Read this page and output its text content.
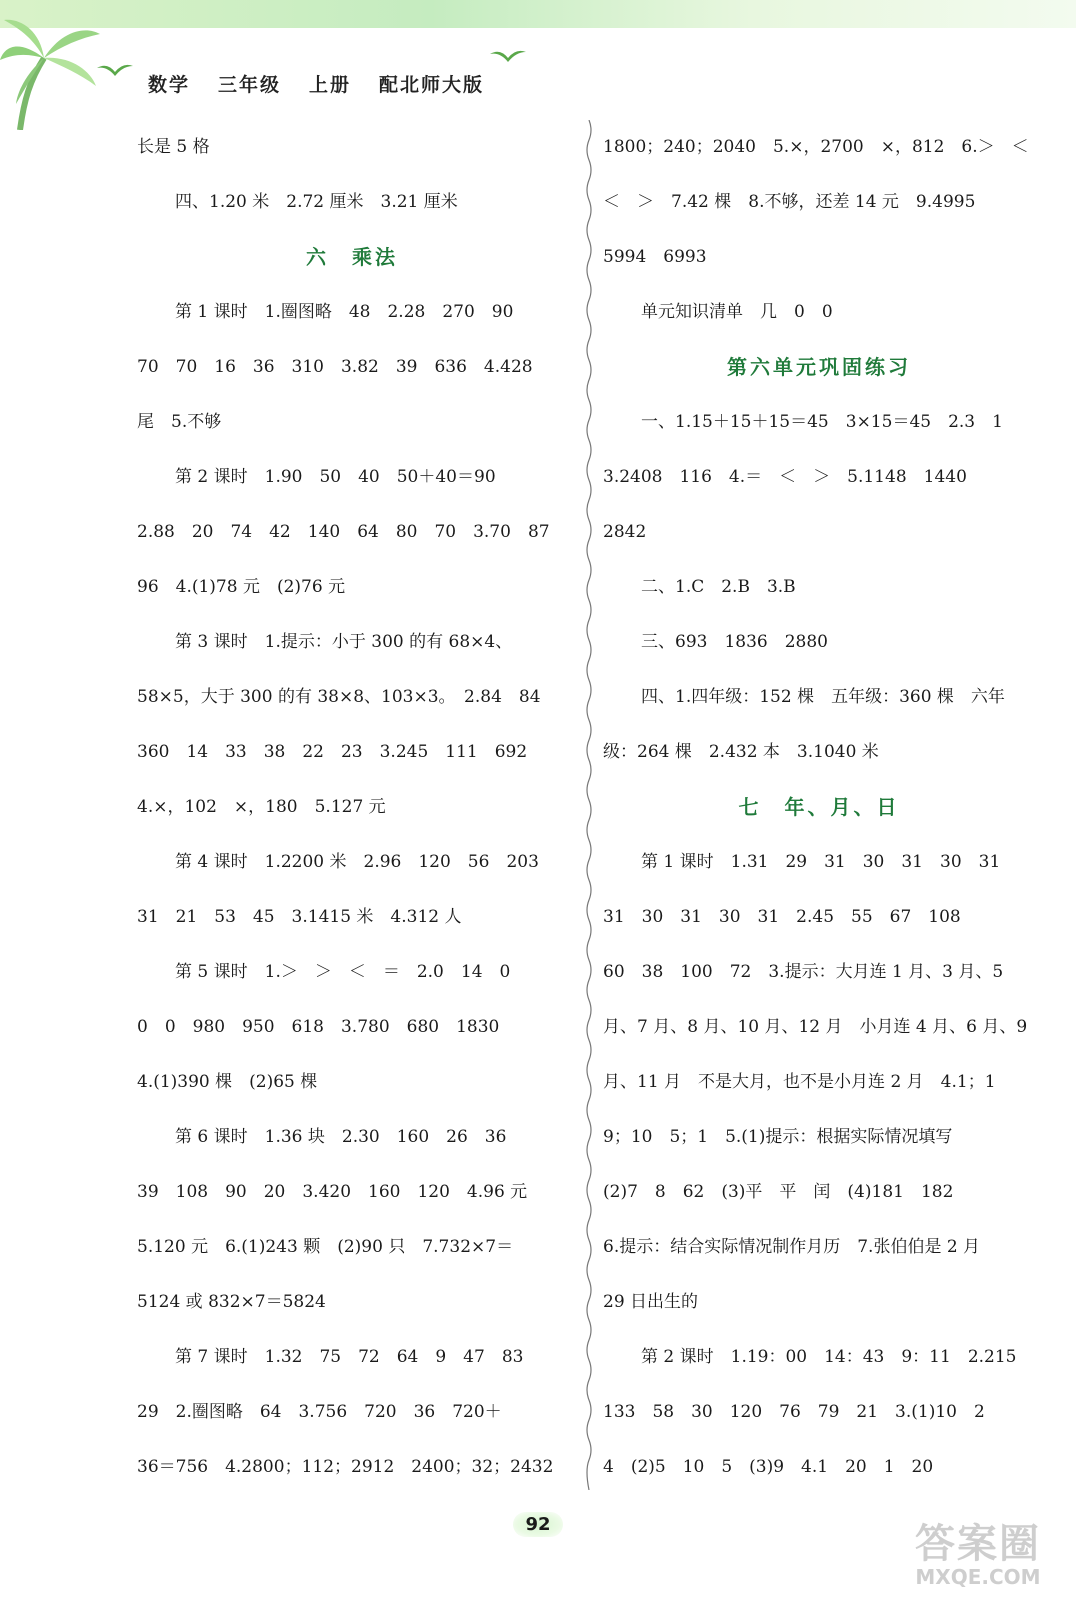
数学 三年级 上册 配北师大版
长是 5 格
四、1.20 米　2.72 厘米　3.21 厘米
六　乘法
第 1 课时　1.圈图略　48　2.28　270　90
70　70　16　36　310　3.82　39　636　4.428
尾　5.不够
第 2 课时　1.90　50　40　50＋40＝90
2.88　20　74　42　140　64　80　70　3.70　87
96　4.(1)78 元　(2)76 元
第 3 课时　1.提示：小于 300 的有 68×4、
58×5，大于 300 的有 38×8、103×3。　2.84　84
360　14　33　38　22　23　3.245　111　692
4.×，102　×，180　5.127 元
第 4 课时　1.2200 米　2.96　120　56　203
31　21　53　45　3.1415 米　4.312 人
第 5 课时　1.＞　＞　＜　＝　2.0　14　0
0　0　980　950　618　3.780　680　1830
4.(1)390 棵　(2)65 棵
第 6 课时　1.36 块　2.30　160　26　36
39　108　90　20　3.420　160　120　4.96 元
5.120 元　6.(1)243 颗　(2)90 只　7.732×7＝
5124 或 832×7＝5824
第 7 课时　1.32　75　72　64　9　47　83
29　2.圈图略　64　3.756　720　36　720＋
36＝756　4.2800；112；2912　2400；32；2432
1800；240；2040　5.×，2700　×，812　6.＞　＜
＜　＞　7.42 棵　8.不够，还差 14 元　9.4995
5994　6993
单元知识清单　几　0　0
第六单元巩固练习
一、1.15＋15＋15＝45　3×15＝45　2.3　1
3.2408　116　4.＝　＜　＞　5.1148　1440
2842
二、1.C　2.B　3.B
三、693　1836　2880
四、1.四年级：152 棵　五年级：360 棵　六年
级：264 棵　2.432 本　3.1040 米
七　年、月、日
第 1 课时　1.31　29　31　30　31　30　31
31　30　31　30　31　2.45　55　67　108
60　38　100　72　3.提示：大月连 1 月、3 月、5
月、7 月、8 月、10 月、12 月　小月连 4 月、6 月、9
月、11 月　不是大月，也不是小月连 2 月　4.1；1
9；10　5；1　5.(1)提示：根据实际情况填写
(2)7　8　62　(3)平　平　闰　(4)181　182
6.提示：结合实际情况制作月历　7.张伯伯是 2 月
29 日出生的
第 2 课时　1.19：00　14：43　9：11　2.215
133　58　30　120　76　79　21　3.(1)10　2
4　(2)5　10　5　(3)9　4.1　20　1　20
92	答案圈
MXQE.COM
